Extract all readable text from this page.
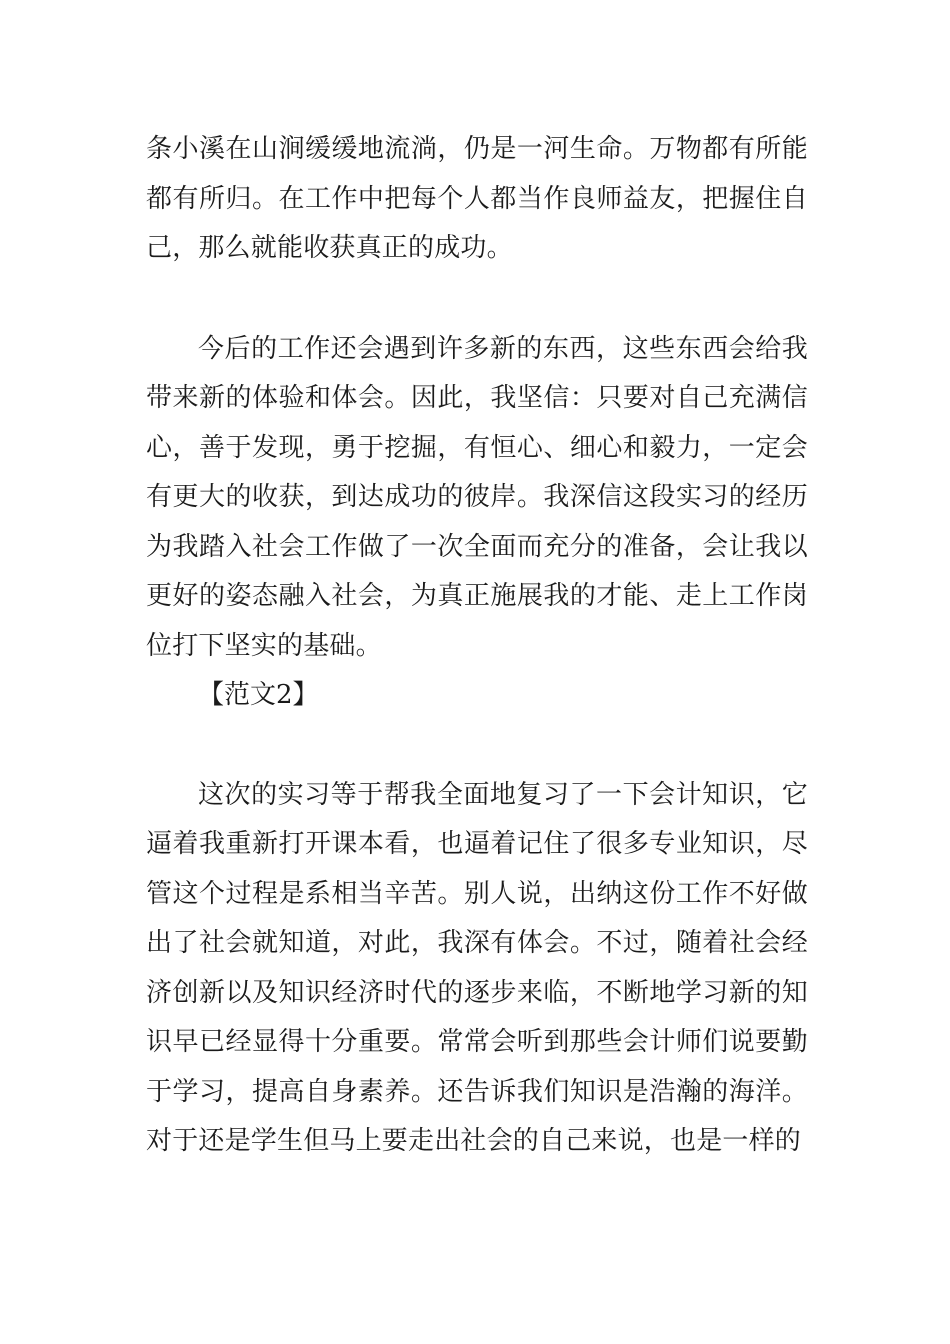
条小溪在山涧缓缓地流淌，仍是一河生命。万物都有所能都有所归。在工作中把每个人都当作良师益友，把握住自己，那么就能收获真正的成功。

今后的工作还会遇到许多新的东西，这些东西会给我带来新的体验和体会。因此，我坚信：只要对自己充满信心，善于发现，勇于挖掘，有恒心、细心和毅力，一定会有更大的收获，到达成功的彼岸。我深信这段实习的经历为我踏入社会工作做了一次全面而充分的准备，会让我以更好的姿态融入社会，为真正施展我的才能、走上工作岗位打下坚实的基础。

【范文2】

这次的实习等于帮我全面地复习了一下会计知识，它逼着我重新打开课本看，也逼着记住了很多专业知识，尽管这个过程是系相当辛苦。别人说，出纳这份工作不好做出了社会就知道，对此，我深有体会。不过，随着社会经济创新以及知识经济时代的逐步来临，不断地学习新的知识早已经显得十分重要。常常会听到那些会计师们说要勤于学习，提高自身素养。还告诉我们知识是浩瀚的海洋。对于还是学生但马上要走出社会的自己来说，也是一样的
